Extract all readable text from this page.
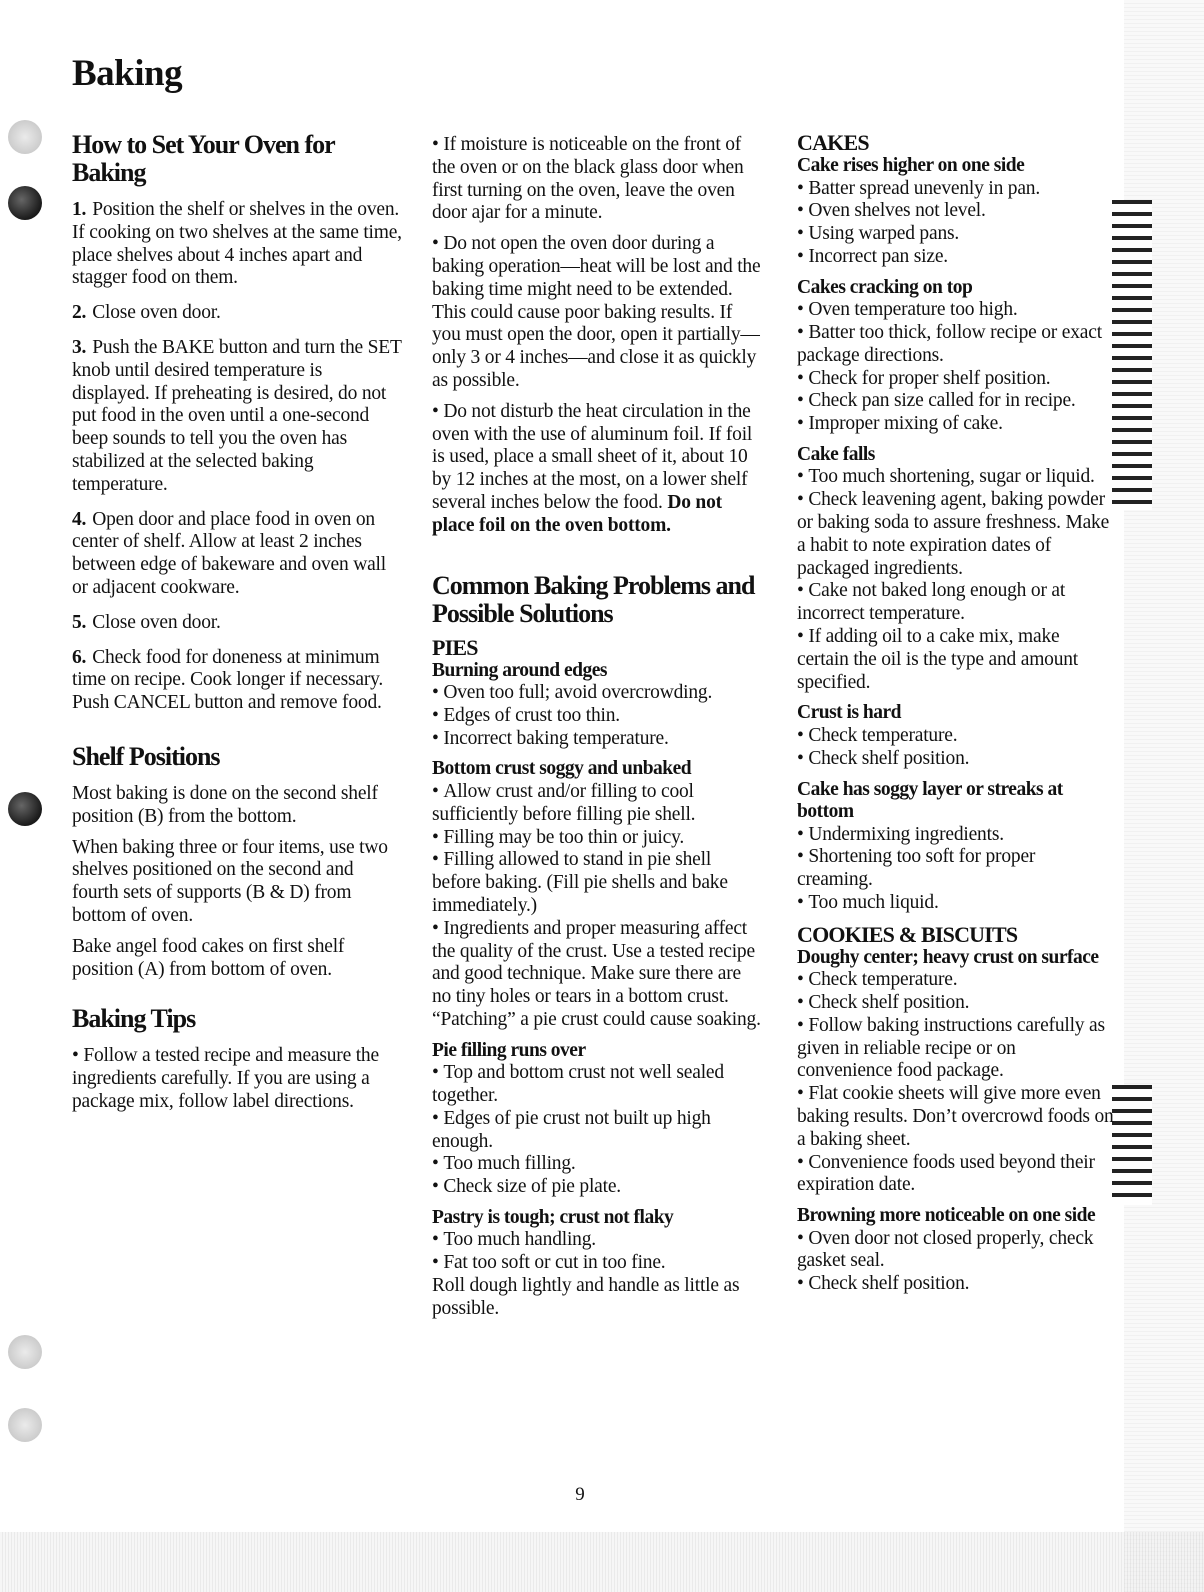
Baking
How to Set Your Oven for Baking

1. Position the shelf or shelves in the oven. If cooking on two shelves at the same time, place shelves about 4 inches apart and stagger food on them.

2. Close oven door.

3. Push the BAKE button and turn the SET knob until desired temperature is displayed. If preheating is desired, do not put food in the oven until a one-second beep sounds to tell you the oven has stabilized at the selected baking temperature.

4. Open door and place food in oven on center of shelf. Allow at least 2 inches between edge of bakeware and oven wall or adjacent cookware.

5. Close oven door.

6. Check food for doneness at minimum time on recipe. Cook longer if necessary. Push CANCEL button and remove food.

Shelf Positions

Most baking is done on the second shelf position (B) from the bottom.

When baking three or four items, use two shelves positioned on the second and fourth sets of supports (B & D) from bottom of oven.

Bake angel food cakes on first shelf position (A) from bottom of oven.

Baking Tips

• Follow a tested recipe and measure the ingredients carefully. If you are using a package mix, follow label directions.

• If moisture is noticeable on the front of the oven or on the black glass door when first turning on the oven, leave the oven door ajar for a minute.

• Do not open the oven door during a baking operation—heat will be lost and the baking time might need to be extended. This could cause poor baking results. If you must open the door, open it partially—only 3 or 4 inches—and close it as quickly as possible.

• Do not disturb the heat circulation in the oven with the use of aluminum foil. If foil is used, place a small sheet of it, about 10 by 12 inches at the most, on a lower shelf several inches below the food. Do not place foil on the oven bottom.

Common Baking Problems and Possible Solutions
PIES
Burning around edges

• Oven too full; avoid overcrowding.

• Edges of crust too thin.

• Incorrect baking temperature.

Bottom crust soggy and unbaked

• Allow crust and/or filling to cool sufficiently before filling pie shell.

• Filling may be too thin or juicy.

• Filling allowed to stand in pie shell before baking. (Fill pie shells and bake immediately.)

• Ingredients and proper measuring affect the quality of the crust. Use a tested recipe and good technique. Make sure there are no tiny holes or tears in a bottom crust. “Patching” a pie crust could cause soaking.

Pie filling runs over

• Top and bottom crust not well sealed together.

• Edges of pie crust not built up high enough.

• Too much filling.

• Check size of pie plate.

Pastry is tough; crust not flaky

• Too much handling.

• Fat too soft or cut in too fine.

Roll dough lightly and handle as little as possible.

CAKES
Cake rises higher on one side

• Batter spread unevenly in pan.

• Oven shelves not level.

• Using warped pans.

• Incorrect pan size.

Cakes cracking on top

• Oven temperature too high.

• Batter too thick, follow recipe or exact package directions.

• Check for proper shelf position.

• Check pan size called for in recipe.

• Improper mixing of cake.

Cake falls

• Too much shortening, sugar or liquid.

• Check leavening agent, baking powder or baking soda to assure freshness. Make a habit to note expiration dates of packaged ingredients.

• Cake not baked long enough or at incorrect temperature.

• If adding oil to a cake mix, make certain the oil is the type and amount specified.

Crust is hard

• Check temperature.

• Check shelf position.

Cake has soggy layer or streaks at bottom

• Undermixing ingredients.

• Shortening too soft for proper creaming.

• Too much liquid.

COOKIES & BISCUITS
Doughy center; heavy crust on surface

• Check temperature.

• Check shelf position.

• Follow baking instructions carefully as given in reliable recipe or on convenience food package.

• Flat cookie sheets will give more even baking results. Don’t overcrowd foods on a baking sheet.

• Convenience foods used beyond their expiration date.

Browning more noticeable on one side

• Oven door not closed properly, check gasket seal.

• Check shelf position.

9
